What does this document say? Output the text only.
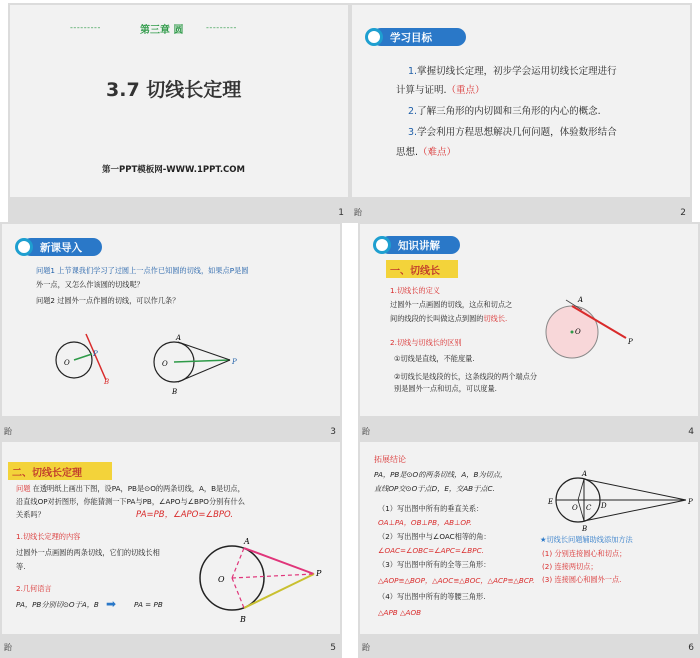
- - - - - - - - -	第三章 圆	- - - - - - - - -
3.7 切线长定理
第一PPT模板网-WWW.1PPT.COM
1
学习目标
1.掌握切线长定理，初步学会运用切线长定理进行
计算与证明.（重点）
2.了解三角形的内切圆和三角形的内心的概念.
3.学会利用方程思想解决几何问题，体验数形结合
思想.（难点）
跆	2
新课导入
问题1 上节课我们学习了过圆上一点作已知圆的切线，如果点P是圆
外一点，又怎么作该圆的切线呢？
问题2 过圆外一点作圆的切线，可以作几条？
O
P
B
O
A
B
P
跆	3
知识讲解
一、切线长
1.切线长的定义
过圆外一点画圆的切线，这点和切点之
间的线段的长叫做这点到圆的切线长.
2.切线与切线长的区别
①切线是直线，不能度量.
②切线长是线段的长，这条线段的两个端点分
别是圆外一点和切点，可以度量.
A
O
P
跆	4
二、切线长定理
问题 在透明纸上画出下图，设PA，PB是⊙O的两条切线，A，B是切点，
沿直线OP对折图形，你能猜测一下PA与PB，∠APO与∠BPO分别有什么
关系吗？	PA=PB，∠APO=∠BPO.
1.切线长定理的内容
过圆外一点画圆的两条切线，它们的切线长相
等.
2.几何语言
PA，PB分别切⊙O于A，B ➡ PA = PB
A
O
P
B
跆	5
拓展结论
PA，PB是⊙O的两条切线，A，B为切点，
直线OP交⊙O于点D，E，交AB于点C.
（1）写出图中所有的垂直关系：
OA⊥PA，OB⊥PB，AB⊥OP.
（2）写出图中与∠OAC相等的角：
∠OAC=∠OBC=∠APC=∠BPC.
（3）写出图中所有的全等三角形：
△AOP≌△BOP，△AOC≌△BOC，△ACP≌△BCP.
（4）写出图中所有的等腰三角形.
△APB △AOB
★切线长问题辅助线添加方法
(1) 分别连接圆心和切点；
(2) 连接两切点；
(3) 连接圆心和圆外一点.
A
E
O C D
B
P
跆	6
